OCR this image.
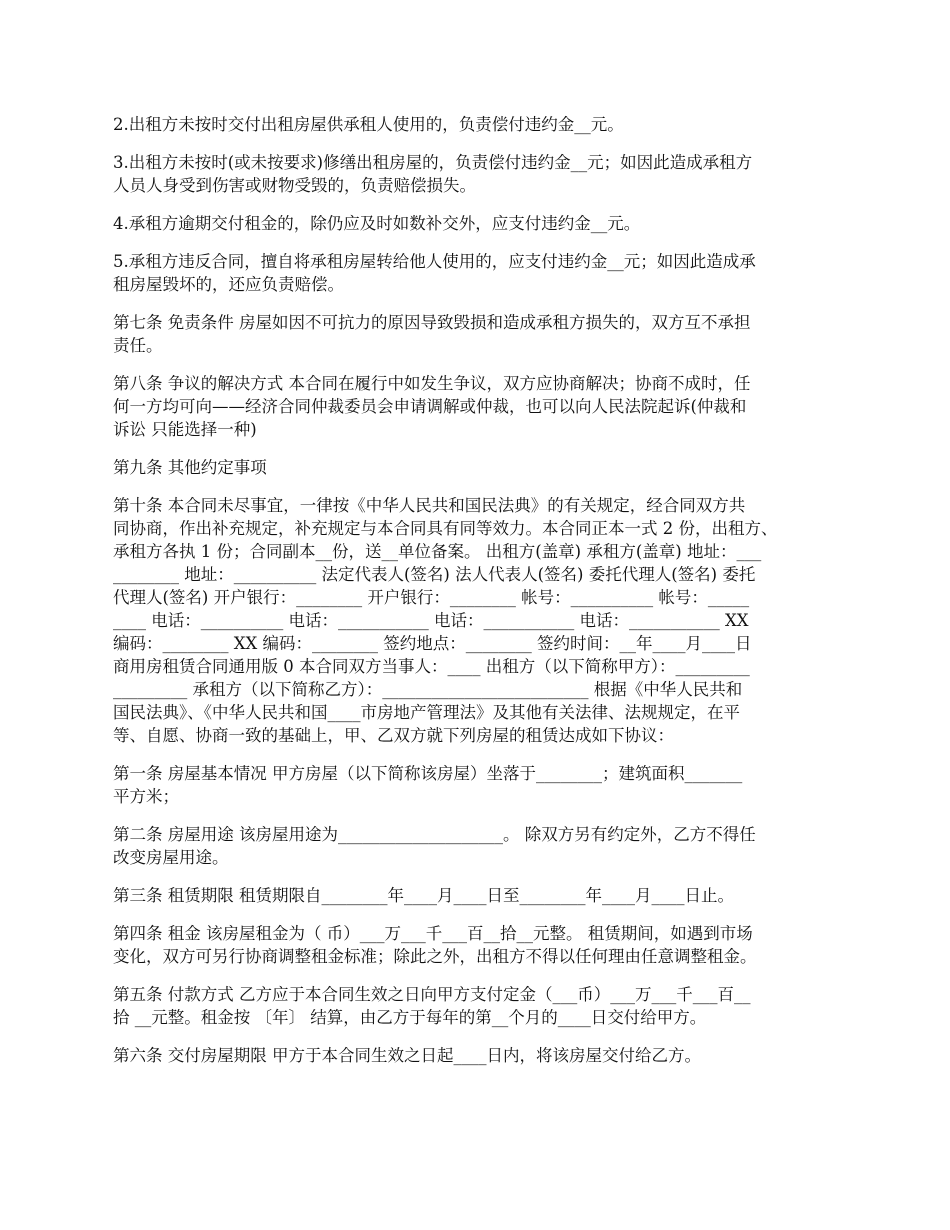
2.出租方未按时交付出租房屋供承租人使用的，负责偿付违约金__元。

3.出租方未按时(或未按要求)修缮出租房屋的，负责偿付违约金__元；如因此造成承租方
人员人身受到伤害或财物受毁的，负责赔偿损失。

4.承租方逾期交付租金的，除仍应及时如数补交外，应支付违约金__元。

5.承租方违反合同，擅自将承租房屋转给他人使用的，应支付违约金__元；如因此造成承
租房屋毁坏的，还应负责赔偿。

第七条 免责条件 房屋如因不可抗力的原因导致毁损和造成承租方损失的，双方互不承担
责任。

第八条 争议的解决方式 本合同在履行中如发生争议，双方应协商解决；协商不成时，任
何一方均可向——经济合同仲裁委员会申请调解或仲裁，也可以向人民法院起诉(仲裁和
诉讼 只能选择一种)

第九条 其他约定事项

第十条 本合同未尽事宜，一律按《中华人民共和国民法典》的有关规定，经合同双方共
同协商，作出补充规定，补充规定与本合同具有同等效力。本合同正本一式 2 份，出租方、
承租方各执 1 份；合同副本__份，送__单位备案。 出租方(盖章) 承租方(盖章) 地址：___
________ 地址：__________ 法定代表人(签名) 法人代表人(签名) 委托代理人(签名) 委托
代理人(签名) 开户银行：________ 开户银行：________ 帐号：__________ 帐号：_____
____ 电话：__________ 电话：___________ 电话：___________ 电话：___________ XX
编码：________ XX 编码：________ 签约地点：________ 签约时间：__年____月____日
商用房租赁合同通用版 0 本合同双方当事人：____ 出租方（以下简称甲方）：_________
_________ 承租方（以下简称乙方）：_________________________ 根据《中华人民共和
国民法典》、《中华人民共和国____市房地产管理法》及其他有关法律、法规规定，在平
等、自愿、协商一致的基础上，甲、乙双方就下列房屋的租赁达成如下协议：

第一条 房屋基本情况 甲方房屋（以下简称该房屋）坐落于________；建筑面积_______
平方米；

第二条 房屋用途 该房屋用途为____________________。 除双方另有约定外，乙方不得任
改变房屋用途。

第三条 租赁期限 租赁期限自________年____月____日至________年____月____日止。

第四条 租金 该房屋租金为（ 币）___万___千___百__拾__元整。 租赁期间，如遇到市场
变化，双方可另行协商调整租金标准；除此之外，出租方不得以任何理由任意调整租金。

第五条 付款方式 乙方应于本合同生效之日向甲方支付定金（___币）___万___千___百__
拾 __元整。租金按 〔年〕 结算，由乙方于每年的第__个月的____日交付给甲方。

第六条 交付房屋期限 甲方于本合同生效之日起____日内，将该房屋交付给乙方。
